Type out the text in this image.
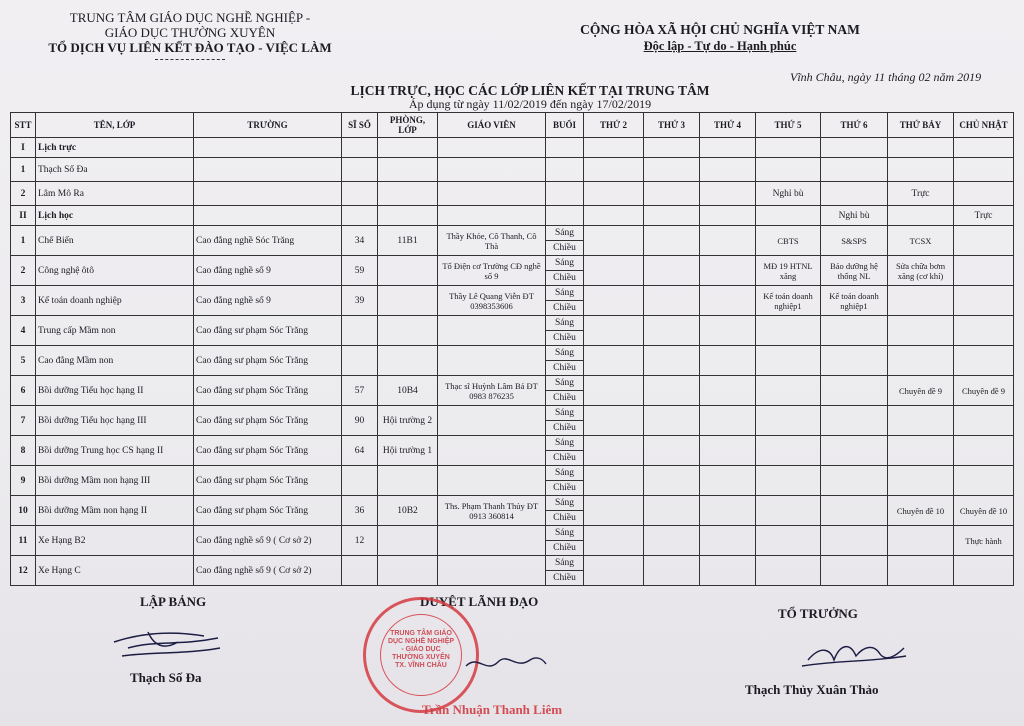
TRUNG TÂM GIÁO DỤC NGHỀ NGHIỆP -
GIÁO DỤC THƯỜNG XUYÊN
TỔ DỊCH VỤ LIÊN KẾT ĐÀO TẠO - VIỆC LÀM
CỘNG HÒA XÃ HỘI CHỦ NGHĨA VIỆT NAM
Độc lập - Tự do - Hạnh phúc
Vĩnh Châu, ngày 11 tháng 02 năm 2019
LỊCH TRỰC, HỌC CÁC LỚP LIÊN KẾT TẠI TRUNG TÂM
Áp dụng từ ngày 11/02/2019 đến ngày 17/02/2019
STT	TÊN, LỚP	TRƯỜNG	SĨ SỐ	PHÒNG, LỚP	GIÁO VIÊN	BUỔI	THỨ 2	THỨ 3	THỨ 4	THỨ 5	THỨ 6	THỨ BẢY	CHỦ NHẬT
I	Lịch trực												
1	Thạch Số Đa												
2	Lâm Mô Ra									Nghỉ bù		Trực	
II	Lịch học										Nghỉ bù		Trực
1	Chế Biến	Cao đẳng nghề Sóc Trăng	34	11B1	Thầy Khỏe, Cô Thanh, Cô Thà	Sáng				CBTS	S&SPS	TCSX	
						Chiều							
2	Công nghệ ôtô	Cao đẳng nghề số 9	59		Tổ Điện cơ Trường CĐ nghề số 9	Sáng				MĐ 19 HTNL xăng	Bảo dưỡng hệ thống NL	Sửa chữa bơm xăng (cơ khí)	
						Chiều							
3	Kế toán doanh nghiệp	Cao đẳng nghề số 9	39		Thầy Lê Quang Viễn ĐT 0398353606	Sáng				Kế toán doanh nghiệp1	Kế toán doanh nghiệp1		
						Chiều							
4	Trung cấp Mầm non	Cao đẳng sư phạm Sóc Trăng				Sáng							
						Chiều							
5	Cao đẳng Mầm non	Cao đẳng sư phạm Sóc Trăng				Sáng							
						Chiều							
6	Bồi dưỡng Tiểu học hạng II	Cao đẳng sư phạm Sóc Trăng	57	10B4	Thạc sĩ Huỳnh Lâm Bá ĐT 0983 876235	Sáng						Chuyên đề 9	Chuyên đề 9
						Chiều							
7	Bồi dưỡng Tiểu học hạng III	Cao đẳng sư phạm Sóc Trăng	90	Hội trường 2		Sáng							
						Chiều							
8	Bồi dưỡng Trung học CS hạng II	Cao đẳng sư phạm Sóc Trăng	64	Hội trường 1		Sáng							
						Chiều							
9	Bồi dưỡng Mầm non hạng III	Cao đẳng sư phạm Sóc Trăng				Sáng							
						Chiều							
10	Bồi dưỡng Mầm non hạng II	Cao đẳng sư phạm Sóc Trăng	36	10B2	Ths. Phạm Thanh Thủy ĐT 0913 360814	Sáng						Chuyên đề 10	Chuyên đề 10
						Chiều							
11	Xe Hạng B2	Cao đẳng nghề số 9 ( Cơ sở 2)	12			Sáng							Thực hành
						Chiều							
12	Xe Hạng C	Cao đẳng nghề số 9 ( Cơ sở 2)				Sáng							
						Chiều							
LẬP BẢNG
Thạch Số Đa
DUYỆT LÃNH ĐẠO
TRUNG TÂM GIÁO DỤC NGHỀ NGHIỆP - GIÁO DỤC THƯỜNG XUYÊN TX. VĨNH CHÂU
Trần Nhuận Thanh Liêm
TỔ TRƯỞNG
Thạch Thủy Xuân Thảo
